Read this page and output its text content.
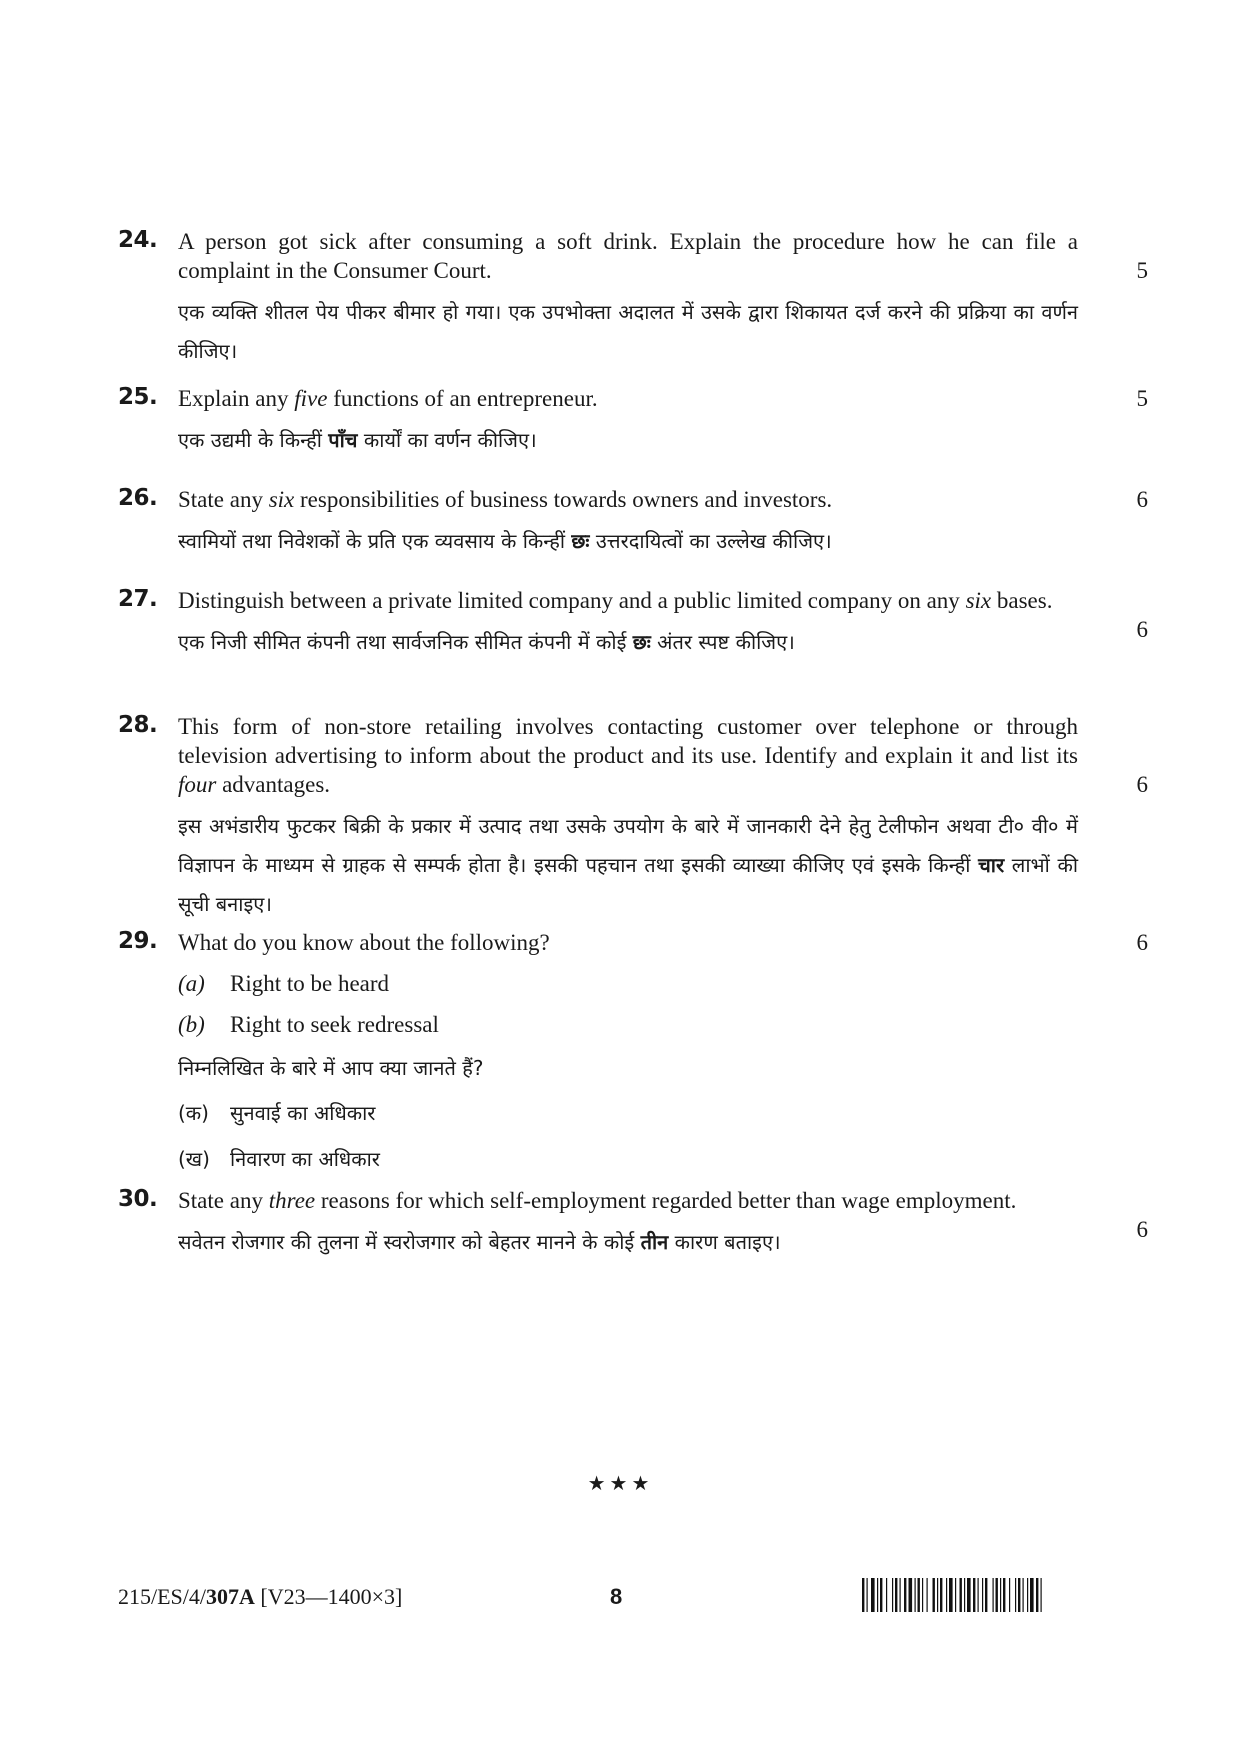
24. A person got sick after consuming a soft drink. Explain the procedure how he can file a complaint in the Consumer Court.

एक व्यक्ति शीतल पेय पीकर बीमार हो गया। एक उपभोक्ता अदालत में उसके द्वारा शिकायत दर्ज करने की प्रक्रिया का वर्णन कीजिए।

5
25. Explain any five functions of an entrepreneur.

एक उद्यमी के किन्हीं पाँच कार्यों का वर्णन कीजिए।

5
26. State any six responsibilities of business towards owners and investors.

स्वामियों तथा निवेशकों के प्रति एक व्यवसाय के किन्हीं छः उत्तरदायित्वों का उल्लेख कीजिए।

6
27. Distinguish between a private limited company and a public limited company on any six bases.

एक निजी सीमित कंपनी तथा सार्वजनिक सीमित कंपनी में कोई छः अंतर स्पष्ट कीजिए।	6
28. This form of non-store retailing involves contacting customer over telephone or through television advertising to inform about the product and its use. Identify and explain it and list its four advantages.

इस अभंडारीय फुटकर बिक्री के प्रकार में उत्पाद तथा उसके उपयोग के बारे में जानकारी देने हेतु टेलीफोन अथवा टी० वी० में विज्ञापन के माध्यम से ग्राहक से सम्पर्क होता है। इसकी पहचान तथा इसकी व्याख्या कीजिए एवं इसके किन्हीं चार लाभों की सूची बनाइए।

6
29. What do you know about the following?

(a) Right to be heard

(b) Right to seek redressal

निम्नलिखित के बारे में आप क्या जानते हैं?

(क) सुनवाई का अधिकार

(ख) निवारण का अधिकार

6
30. State any three reasons for which self-employment regarded better than wage employment.

सवेतन रोजगार की तुलना में स्वरोजगार को बेहतर मानने के कोई तीन कारण बताइए।	6
★★★
215/ES/4/307A [V23—1400×3]	8
